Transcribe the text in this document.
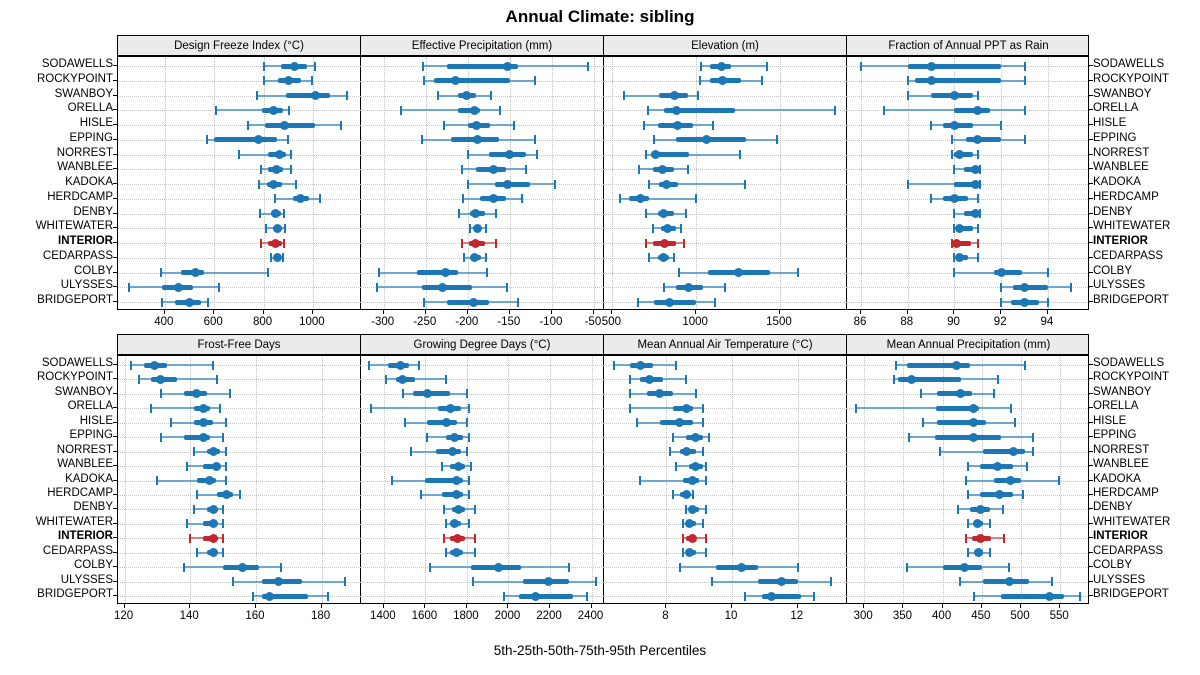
Annual Climate: sibling
Design Freeze Index (°C)	Effective Precipitation (mm)	Elevation (m)	Fraction of Annual PPT as Rain
400	600	800	1000	-300	-250	-200	-150	-100	-50 500	1000	1500	86	88	90	92	94
SODAWELLS	SODAWELLS
ROCKYPOINT	ROCKYPOINT
SWANBOY	SWANBOY
ORELLA	ORELLA
HISLE	HISLE
EPPING	EPPING
NORREST	NORREST
WANBLEE	WANBLEE
KADOKA	KADOKA
HERDCAMP	HERDCAMP
DENBY	DENBY
WHITEWATER	WHITEWATER
INTERIOR	INTERIOR
CEDARPASS	CEDARPASS
COLBY	COLBY
ULYSSES	ULYSSES
BRIDGEPORT	BRIDGEPORT
Frost-Free Days	Growing Degree Days (°C)	Mean Annual Air Temperature (°C)	Mean Annual Precipitation (mm)
120	140	160	180	1400	1600	1800	2000	2200	2400	8	10	12	300	350	400	450	500	550
SODAWELLS	SODAWELLS
ROCKYPOINT	ROCKYPOINT
SWANBOY	SWANBOY
ORELLA	ORELLA
HISLE	HISLE
EPPING	EPPING
NORREST	NORREST
WANBLEE	WANBLEE
KADOKA	KADOKA
HERDCAMP	HERDCAMP
DENBY	DENBY
WHITEWATER	WHITEWATER
INTERIOR	INTERIOR
CEDARPASS	CEDARPASS
COLBY	COLBY
ULYSSES	ULYSSES
BRIDGEPORT	BRIDGEPORT
5th-25th-50th-75th-95th Percentiles
